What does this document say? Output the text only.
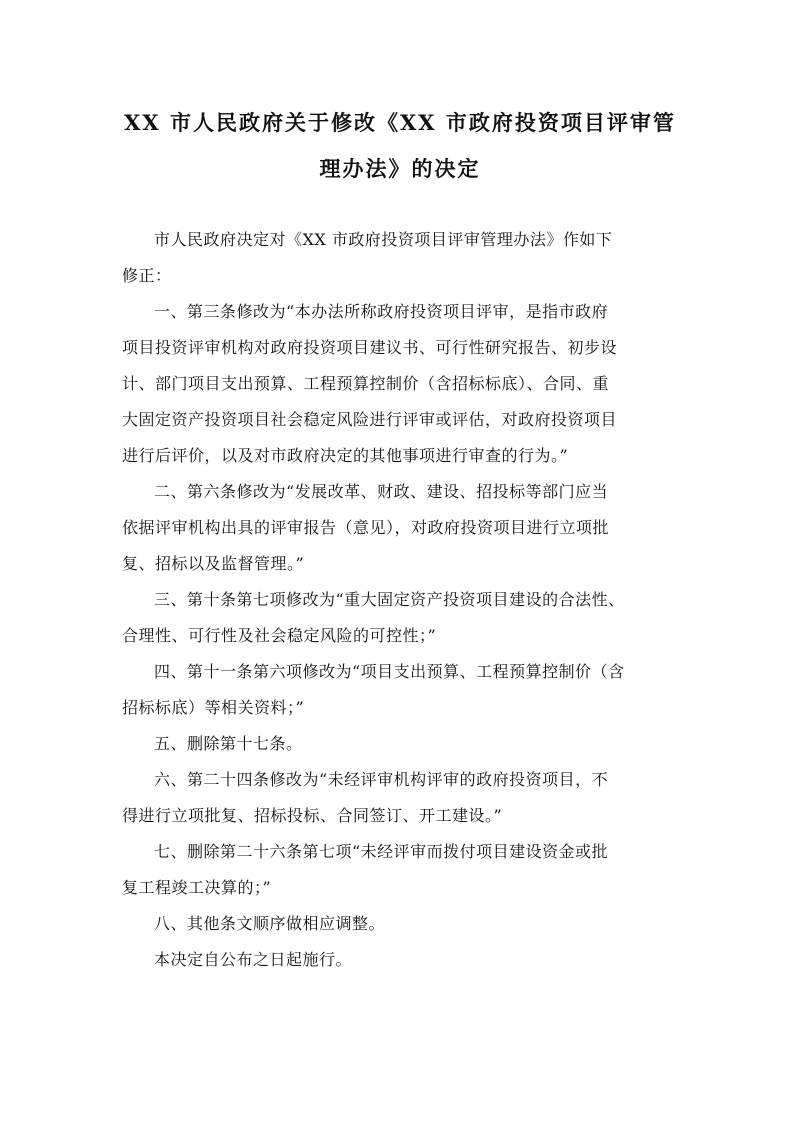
XX 市人民政府关于修改《XX 市政府投资项目评审管
理办法》的决定

市人民政府决定对《XX 市政府投资项目评审管理办法》作如下
修正：

一、第三条修改为“本办法所称政府投资项目评审，是指市政府
项目投资评审机构对政府投资项目建议书、可行性研究报告、初步设
计、部门项目支出预算、工程预算控制价（含招标标底）、合同、重
大固定资产投资项目社会稳定风险进行评审或评估，对政府投资项目
进行后评价，以及对市政府决定的其他事项进行审查的行为。”

二、第六条修改为“发展改革、财政、建设、招投标等部门应当
依据评审机构出具的评审报告（意见），对政府投资项目进行立项批
复、招标以及监督管理。”

三、第十条第七项修改为“重大固定资产投资项目建设的合法性、
合理性、可行性及社会稳定风险的可控性；”

四、第十一条第六项修改为“项目支出预算、工程预算控制价（含
招标标底）等相关资料；”

五、删除第十七条。

六、第二十四条修改为“未经评审机构评审的政府投资项目，不
得进行立项批复、招标投标、合同签订、开工建设。”

七、删除第二十六条第七项“未经评审而拨付项目建设资金或批
复工程竣工决算的；”

八、其他条文顺序做相应调整。

本决定自公布之日起施行。
